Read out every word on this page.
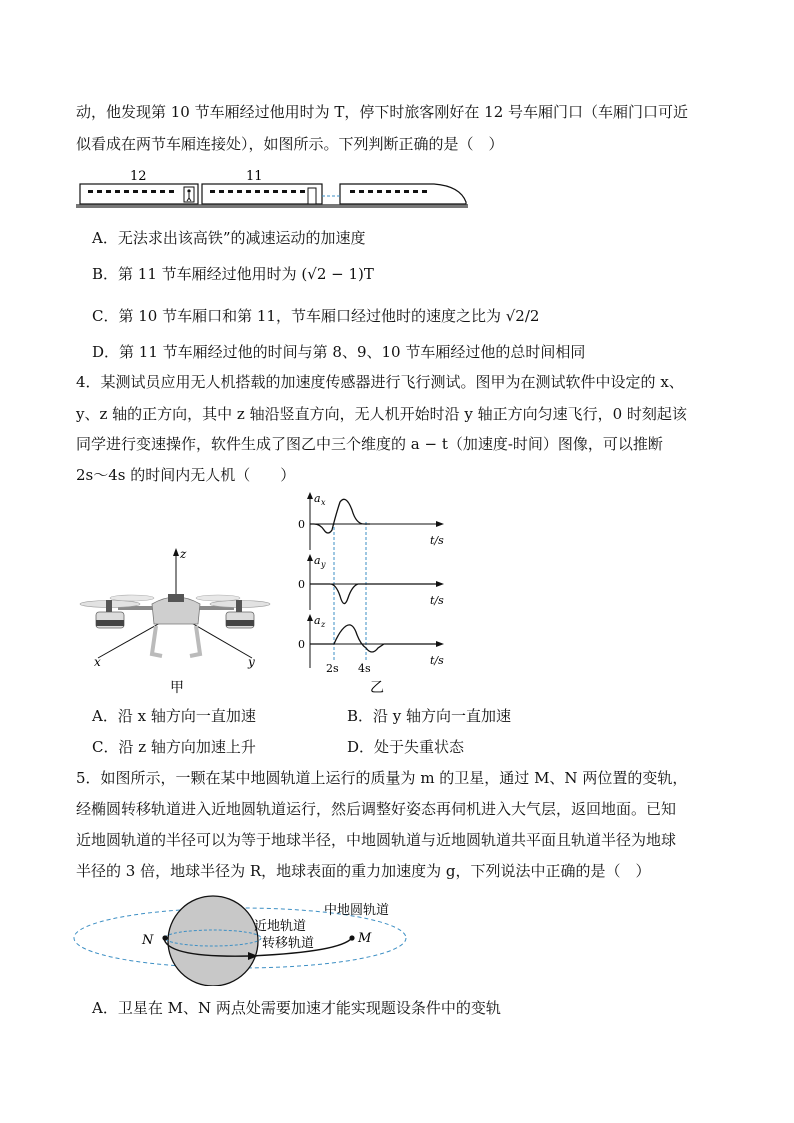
动，他发现第 10 节车厢经过他用时为 T，停下时旅客刚好在 12 号车厢门口（车厢门口可近
似看成在两节车厢连接处），如图所示。下列判断正确的是（　）
12	11
A．无法求出该高铁”的减速运动的加速度
B．第 11 节车厢经过他用时为 (√2 − 1)T
C．第 10 节车厢口和第 11，节车厢口经过他时的速度之比为 √2/2
D．第 11 节车厢经过他的时间与第 8、9、10 节车厢经过他的总时间相同
4．某测试员应用无人机搭载的加速度传感器进行飞行测试。图甲为在测试软件中设定的 x、
y、z 轴的正方向，其中 z 轴沿竖直方向，无人机开始时沿 y 轴正方向匀速飞行，0 时刻起该
同学进行变速操作，软件生成了图乙中三个维度的 a − t（加速度-时间）图像，可以推断
2s～4s 的时间内无人机（　　）
z
x	y
甲
a x
0
t/s
a y
0
t/s
a z
0
t/s
2s 4s
乙
A．沿 x 轴方向一直加速	B．沿 y 轴方向一直加速
C．沿 z 轴方向加速上升	D．处于失重状态
5．如图所示，一颗在某中地圆轨道上运行的质量为 m 的卫星，通过 M、N 两位置的变轨，
经椭圆转移轨道进入近地圆轨道运行，然后调整好姿态再伺机进入大气层，返回地面。已知
近地圆轨道的半径可以为等于地球半径，中地圆轨道与近地圆轨道共平面且轨道半径为地球
半径的 3 倍，地球半径为 R，地球表面的重力加速度为 g，下列说法中正确的是（　）
N	M
中地圆轨道
近地轨道
转移轨道
A．卫星在 M、N 两点处需要加速才能实现题设条件中的变轨
